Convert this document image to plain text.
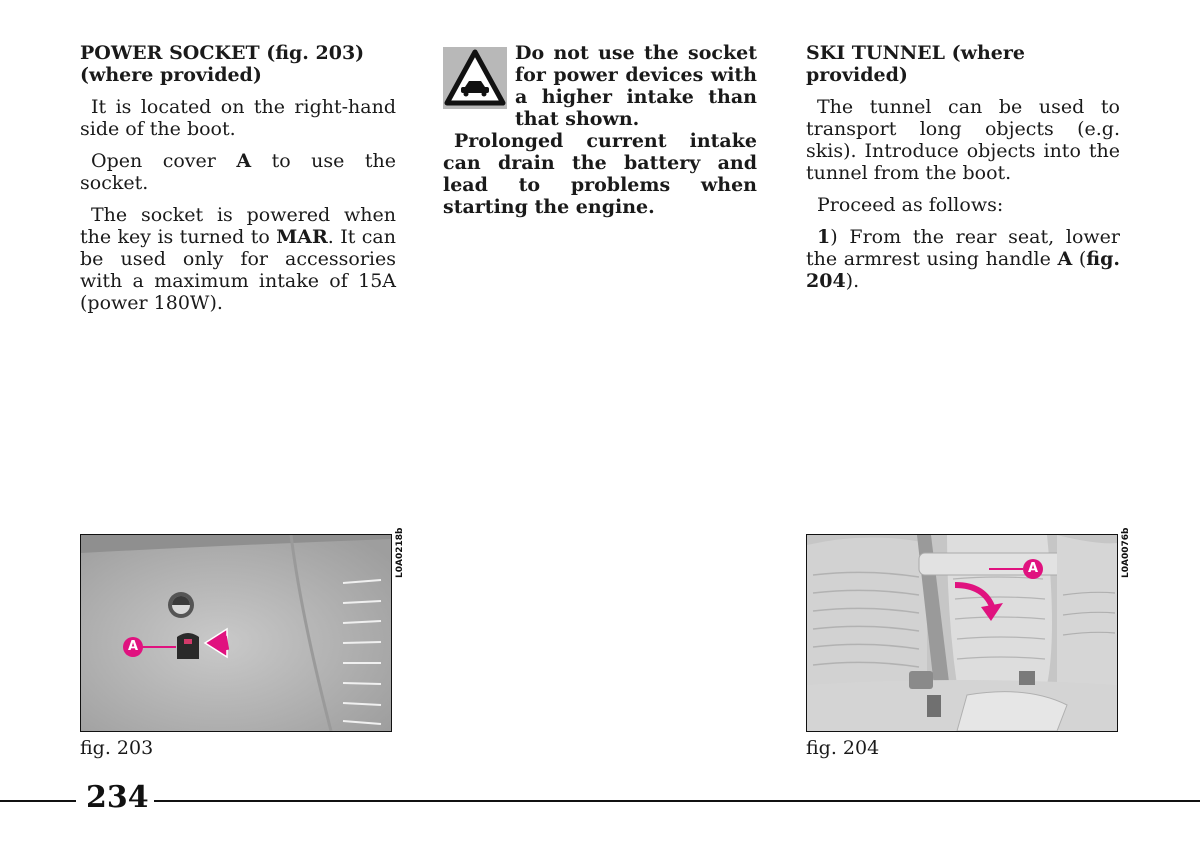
POWER SOCKET (fig. 203)
(where provided)

It is located on the right-hand side of the boot.

Open cover A to use the socket.

The socket is powered when the key is turned to MAR. It can be used only for accessories with a maximum intake of 15A (power 180W).

Do not use the socket for power devices with a higher intake than that shown.

Prolonged current intake can drain the battery and lead to problems when starting the engine.

SKI TUNNEL (where provided)

The tunnel can be used to transport long objects (e.g. skis). Introduce objects into the tunnel from the boot.

Proceed as follows:

1) From the rear seat, lower the armrest using handle A (fig. 204).

A
L0A0218b
fig. 203
A	L0A0076b
fig. 204
234
